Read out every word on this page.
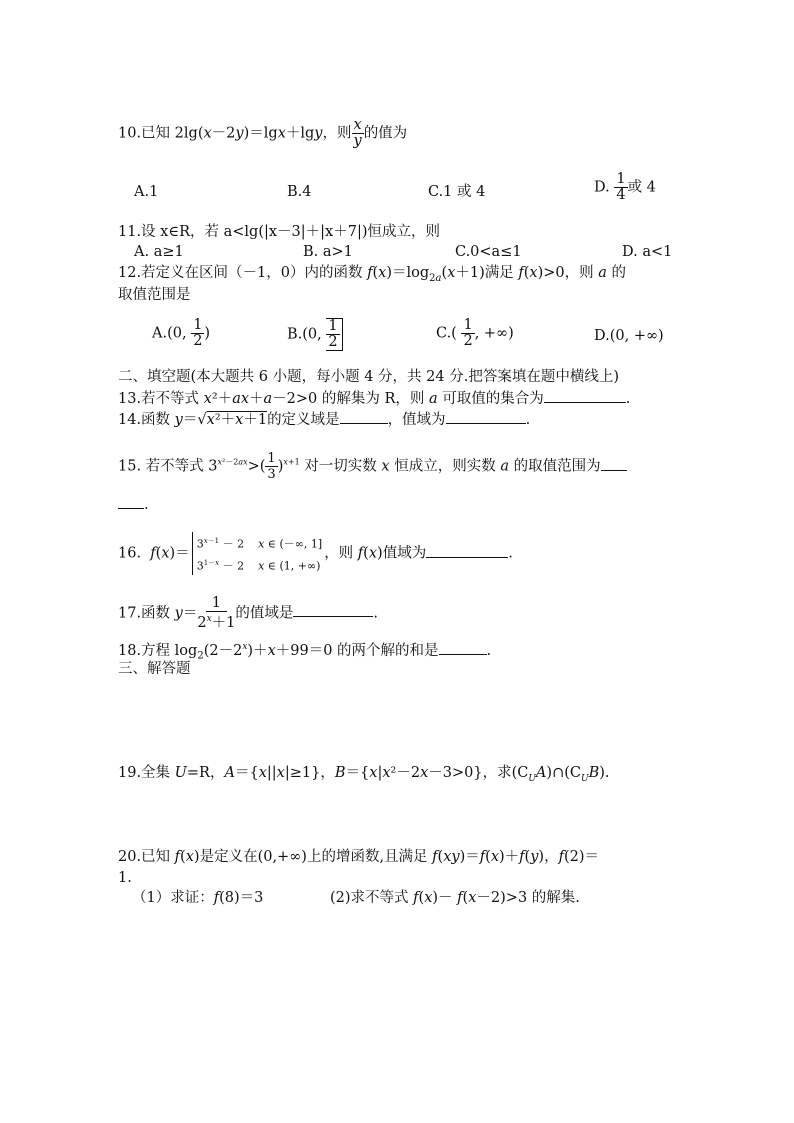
10.已知 2lg(x－2y)＝lgx＋lgy，则 $\frac{x}{y}$ 的值为
A.1	B.4	C.1 或 4	D. $\frac{1}{4}$ 或 4
11.设 x∈R，若 a<lg(|x－3|＋|x＋7|)恒成立，则
A. a≥1	B. a>1	C.0<a≤1	D. a<1
12.若定义在区间（－1，0）内的函数 $f(x)=\log_{2a}(x+1)$满足 f(x)>0，则 a 的
取值范围是
A.(0, $\frac{1}{2}$ )	B.(0, $\frac{1}{2}$	$C.( \frac{1}{2}$ , +∞)	D.(0, +∞)
二、填空题(本大题共 6 小题，每小题 4 分，共 24 分.把答案填在题中横线上)
13.若不等式 x²＋ax＋a－2>0 的解集为 R，则 a 可取值的集合为	.
14.函数 y＝√x²＋x＋1的定义域是	，值域为	.
15. 若不等式 $3^{x^2-2ax}>( \frac{1}{3} )^{x+1}$ 对一切实数 x 恒成立，则实数 a 的取值范围为
.
16.  f(x)＝
$3^{x-1} - 2$    x ∈ (－∞, 1]
$3^{1-x} - 2$    x ∈ (1, +∞)
，则 f(x)值域为	.
17.函数 $y= \frac{1}{2^x+1}$ 的值域是	.
18.方程 $\log_2(2-2^x)+x+99=0$ 的两个解的和是	.
三、解答题
19.全集 U=R，A＝{x||x|≥1}，B＝{x|x²－2x－3>0}，求$(C_UA)\cap(C_UB)$.
20.已知 f(x)是定义在(0,+∞)上的增函数,且满足 f(xy)＝f(x)＋f(y)，f(2)＝
1.
（1）求证：f(8)＝3	(2)求不等式 f(x)－ f(x－2)>3 的解集.
